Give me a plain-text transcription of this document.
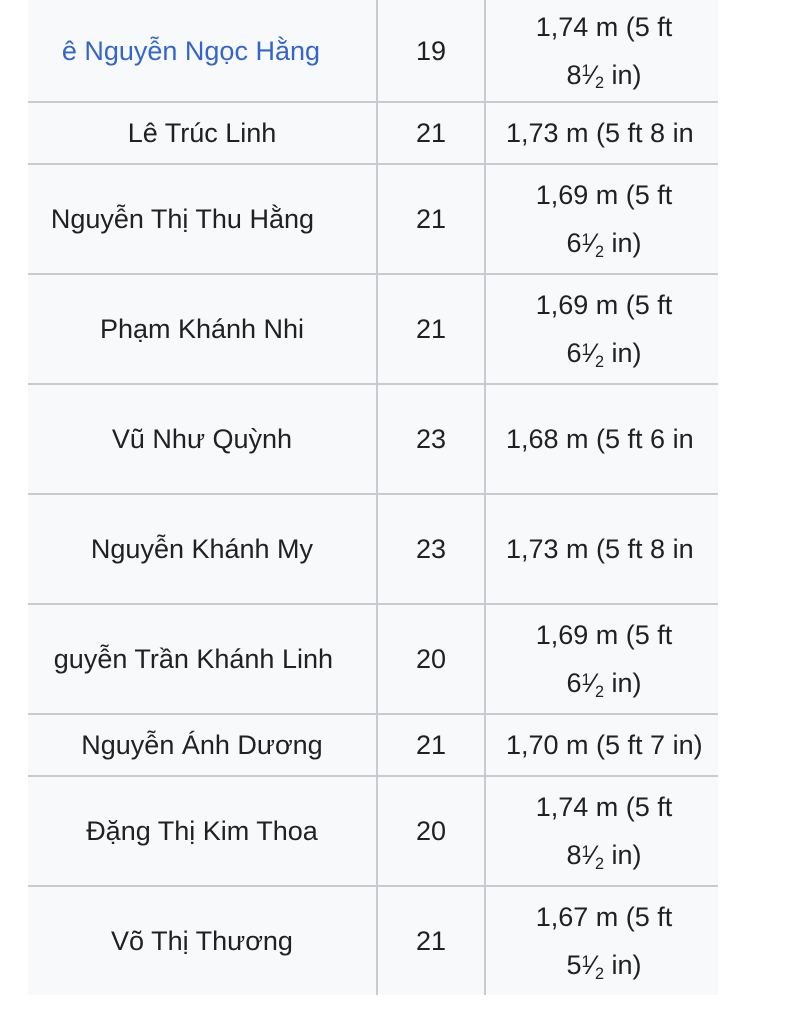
ê Nguyễn Ngọc Hằng	19	1,74 m (5 ft
$8^1⁄_2$ in)

Lê Trúc Linh	21	1,73 m (5 ft 8 in
Nguyễn Thị Thu Hằng	21	1,69 m (5 ft
$6^1⁄_2$ in)

Phạm Khánh Nhi	21	1,69 m (5 ft
$6^1⁄_2$ in)

Vũ Như Quỳnh	23	1,68 m (5 ft 6 in
Nguyễn Khánh My	23	1,73 m (5 ft 8 in
guyễn Trần Khánh Linh	20	1,69 m (5 ft
$6^1⁄_2$ in)

Nguyễn Ánh Dương	21	1,70 m (5 ft 7 in)
Đặng Thị Kim Thoa	20	1,74 m (5 ft
$8^1⁄_2$ in)

Võ Thị Thương	21	1,67 m (5 ft
$5^1⁄_2$ in)
